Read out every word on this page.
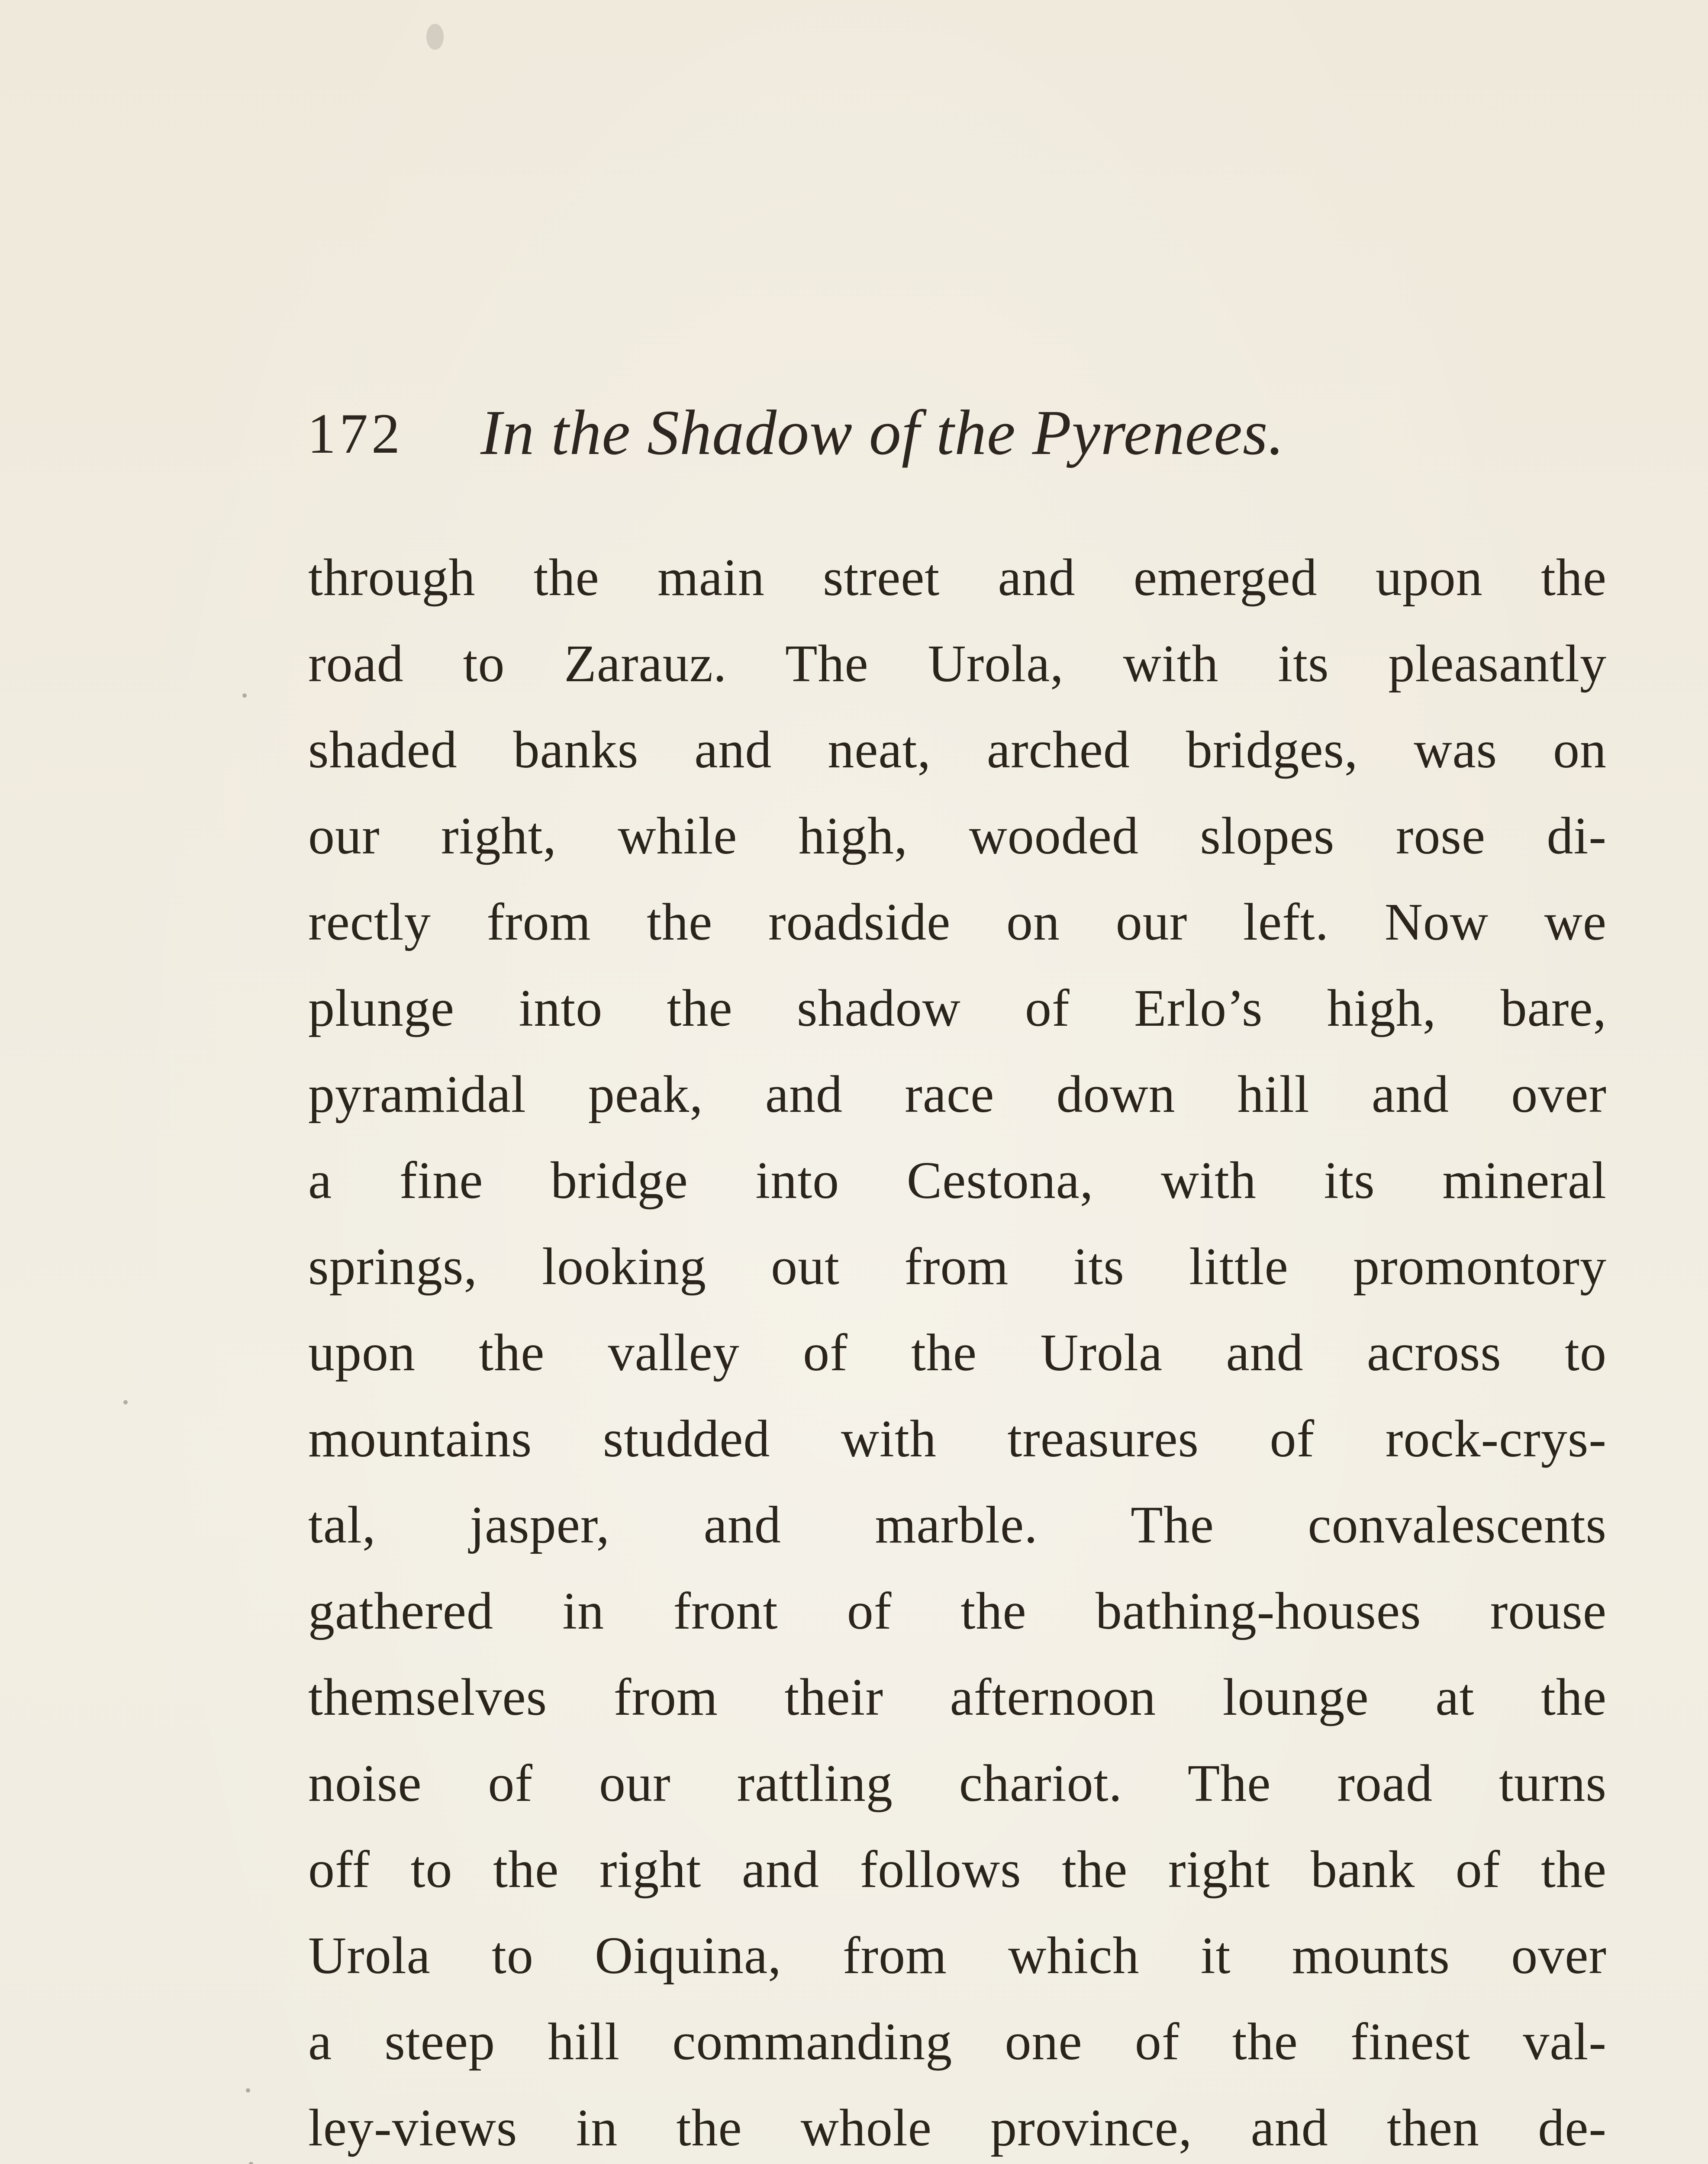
172 In the Shadow of the Pyrenees.
through the main street and emerged upon the
road to Zarauz. The Urola, with its pleasantly
shaded banks and neat, arched bridges, was on
our right, while high, wooded slopes rose di-
rectly from the roadside on our left. Now we
plunge into the shadow of Erlo’s high, bare,
pyramidal peak, and race down hill and over
a fine bridge into Cestona, with its mineral
springs, looking out from its little promontory
upon the valley of the Urola and across to
mountains studded with treasures of rock-crys-
tal, jasper, and marble. The convalescents
gathered in front of the bathing-houses rouse
themselves from their afternoon lounge at the
noise of our rattling chariot. The road turns
off to the right and follows the right bank of the
Urola to Oiquina, from which it mounts over
a steep hill commanding one of the finest val-
ley-views in the whole province, and then de-
